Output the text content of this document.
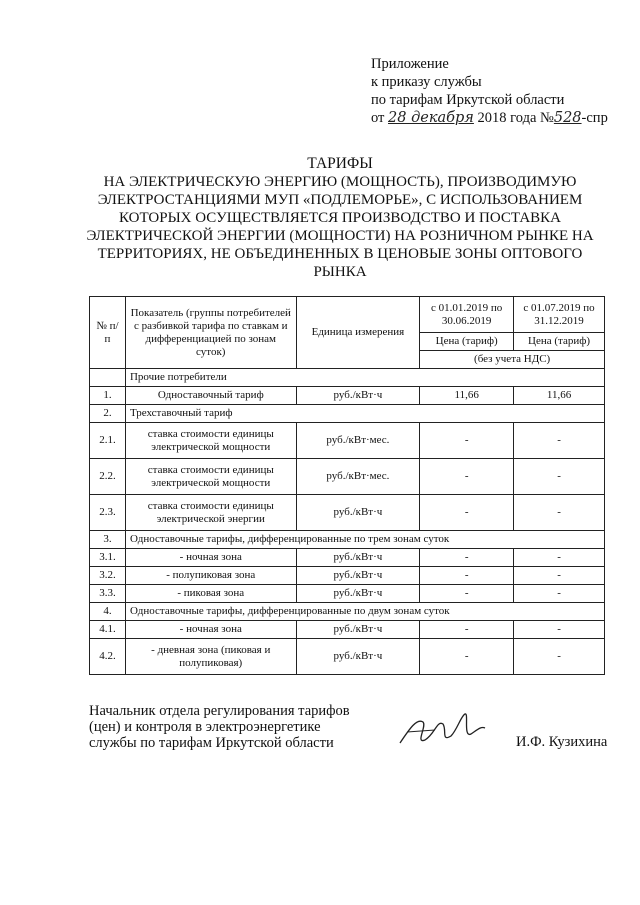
Приложение
к приказу службы
по тарифам Иркутской области
от 28 декабря 2018 года №528-спр
ТАРИФЫ
НА ЭЛЕКТРИЧЕСКУЮ ЭНЕРГИЮ (МОЩНОСТЬ), ПРОИЗВОДИМУЮ
ЭЛЕКТРОСТАНЦИЯМИ МУП «ПОДЛЕМОРЬЕ», С ИСПОЛЬЗОВАНИЕМ
КОТОРЫХ ОСУЩЕСТВЛЯЕТСЯ ПРОИЗВОДСТВО И ПОСТАВКА
ЭЛЕКТРИЧЕСКОЙ ЭНЕРГИИ (МОЩНОСТИ) НА РОЗНИЧНОМ РЫНКЕ НА
ТЕРРИТОРИЯХ, НЕ ОБЪЕДИНЕННЫХ В ЦЕНОВЫЕ ЗОНЫ ОПТОВОГО
РЫНКА
№ п/п	Показатель (группы потребителей с разбивкой тарифа по ставкам и дифференциацией по зонам суток)	Единица измерения	с 01.01.2019 по 30.06.2019	с 01.07.2019 по 31.12.2019
			Цена (тариф)	Цена (тариф)
			(без учета НДС)	
	Прочие потребители			
1.	Одноставочный тариф	руб./кВт·ч	11,66	11,66
2.	Трехставочный тариф			
2.1.	ставка стоимости единицы электрической мощности	руб./кВт·мес.	-	-
2.2.	ставка стоимости единицы электрической мощности	руб./кВт·мес.	-	-
2.3.	ставка стоимости единицы электрической энергии	руб./кВт·ч	-	-
3.	Одноставочные тарифы, дифференцированные по трем зонам суток			
3.1.	- ночная зона	руб./кВт·ч	-	-
3.2.	- полупиковая зона	руб./кВт·ч	-	-
3.3.	- пиковая зона	руб./кВт·ч	-	-
4.	Одноставочные тарифы, дифференцированные по двум зонам суток			
4.1.	- ночная зона	руб./кВт·ч	-	-
4.2.	- дневная зона (пиковая и полупиковая)	руб./кВт·ч	-	-
Начальник отдела регулирования тарифов
(цен) и контроля в электроэнергетике
службы по тарифам Иркутской области	И.Ф. Кузихина
